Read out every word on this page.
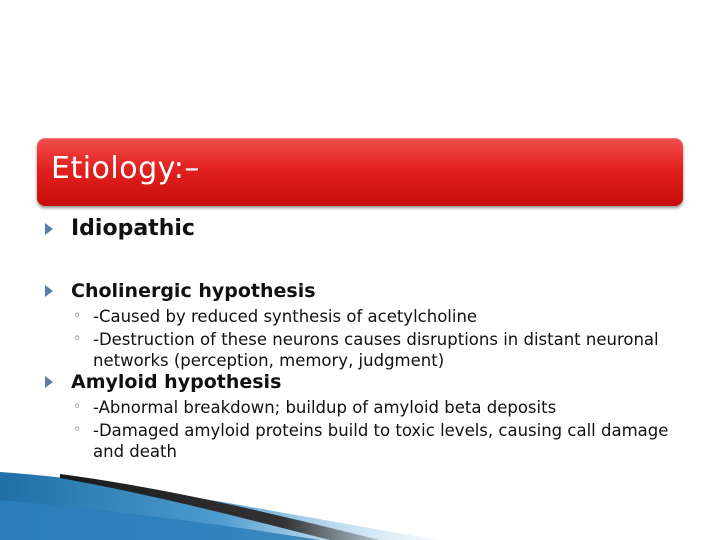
Etiology:–
Idiopathic
Cholinergic hypothesis
◦ -Caused by reduced synthesis of acetylcholine
◦ -Destruction of these neurons causes disruptions in distant neuronal networks (perception, memory, judgment)
Amyloid hypothesis
◦ -Abnormal breakdown; buildup of amyloid beta deposits
◦ -Damaged amyloid proteins build to toxic levels, causing call damage and death
